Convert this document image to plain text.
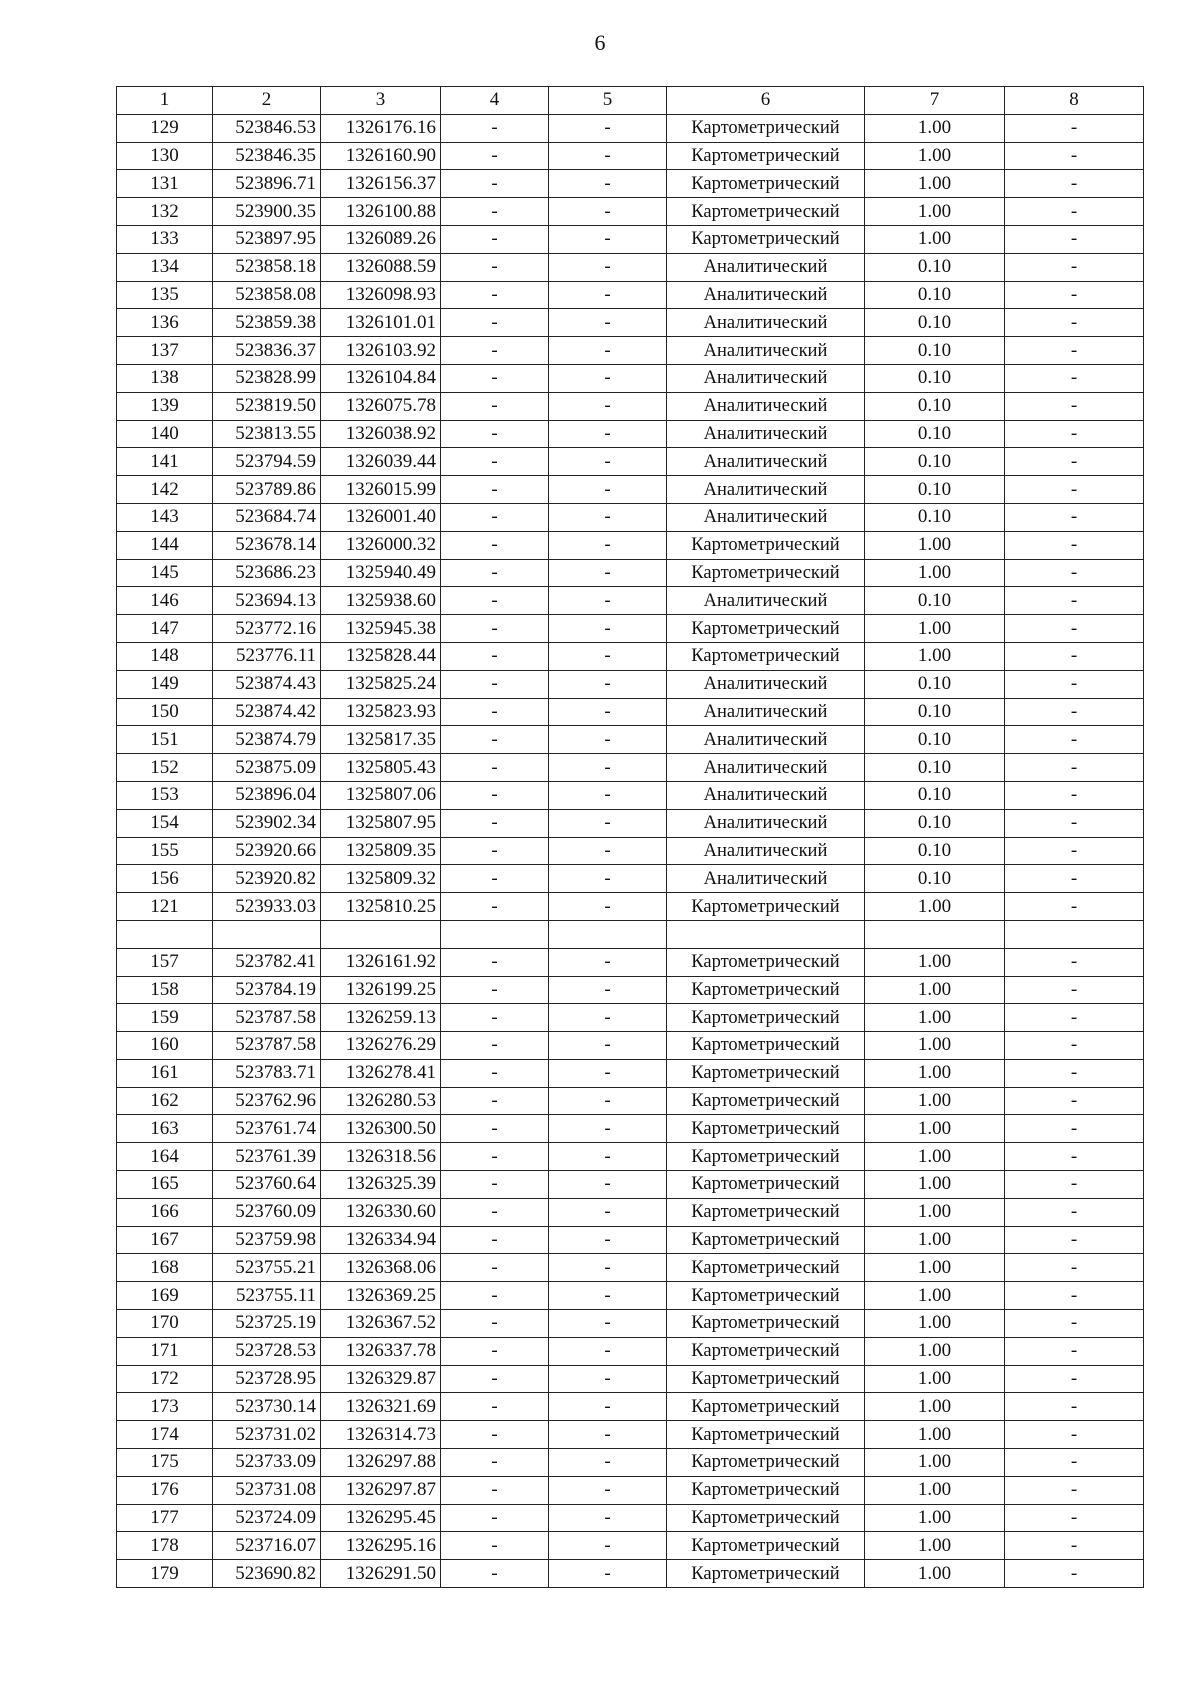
6
1	2	3	4	5	6	7	8
129	523846.53	1326176.16	-	-	Картометрический	1.00	-
130	523846.35	1326160.90	-	-	Картометрический	1.00	-
131	523896.71	1326156.37	-	-	Картометрический	1.00	-
132	523900.35	1326100.88	-	-	Картометрический	1.00	-
133	523897.95	1326089.26	-	-	Картометрический	1.00	-
134	523858.18	1326088.59	-	-	Аналитический	0.10	-
135	523858.08	1326098.93	-	-	Аналитический	0.10	-
136	523859.38	1326101.01	-	-	Аналитический	0.10	-
137	523836.37	1326103.92	-	-	Аналитический	0.10	-
138	523828.99	1326104.84	-	-	Аналитический	0.10	-
139	523819.50	1326075.78	-	-	Аналитический	0.10	-
140	523813.55	1326038.92	-	-	Аналитический	0.10	-
141	523794.59	1326039.44	-	-	Аналитический	0.10	-
142	523789.86	1326015.99	-	-	Аналитический	0.10	-
143	523684.74	1326001.40	-	-	Аналитический	0.10	-
144	523678.14	1326000.32	-	-	Картометрический	1.00	-
145	523686.23	1325940.49	-	-	Картометрический	1.00	-
146	523694.13	1325938.60	-	-	Аналитический	0.10	-
147	523772.16	1325945.38	-	-	Картометрический	1.00	-
148	523776.11	1325828.44	-	-	Картометрический	1.00	-
149	523874.43	1325825.24	-	-	Аналитический	0.10	-
150	523874.42	1325823.93	-	-	Аналитический	0.10	-
151	523874.79	1325817.35	-	-	Аналитический	0.10	-
152	523875.09	1325805.43	-	-	Аналитический	0.10	-
153	523896.04	1325807.06	-	-	Аналитический	0.10	-
154	523902.34	1325807.95	-	-	Аналитический	0.10	-
155	523920.66	1325809.35	-	-	Аналитический	0.10	-
156	523920.82	1325809.32	-	-	Аналитический	0.10	-
121	523933.03	1325810.25	-	-	Картометрический	1.00	-

157	523782.41	1326161.92	-	-	Картометрический	1.00	-
158	523784.19	1326199.25	-	-	Картометрический	1.00	-
159	523787.58	1326259.13	-	-	Картометрический	1.00	-
160	523787.58	1326276.29	-	-	Картометрический	1.00	-
161	523783.71	1326278.41	-	-	Картометрический	1.00	-
162	523762.96	1326280.53	-	-	Картометрический	1.00	-
163	523761.74	1326300.50	-	-	Картометрический	1.00	-
164	523761.39	1326318.56	-	-	Картометрический	1.00	-
165	523760.64	1326325.39	-	-	Картометрический	1.00	-
166	523760.09	1326330.60	-	-	Картометрический	1.00	-
167	523759.98	1326334.94	-	-	Картометрический	1.00	-
168	523755.21	1326368.06	-	-	Картометрический	1.00	-
169	523755.11	1326369.25	-	-	Картометрический	1.00	-
170	523725.19	1326367.52	-	-	Картометрический	1.00	-
171	523728.53	1326337.78	-	-	Картометрический	1.00	-
172	523728.95	1326329.87	-	-	Картометрический	1.00	-
173	523730.14	1326321.69	-	-	Картометрический	1.00	-
174	523731.02	1326314.73	-	-	Картометрический	1.00	-
175	523733.09	1326297.88	-	-	Картометрический	1.00	-
176	523731.08	1326297.87	-	-	Картометрический	1.00	-
177	523724.09	1326295.45	-	-	Картометрический	1.00	-
178	523716.07	1326295.16	-	-	Картометрический	1.00	-
179	523690.82	1326291.50	-	-	Картометрический	1.00	-
